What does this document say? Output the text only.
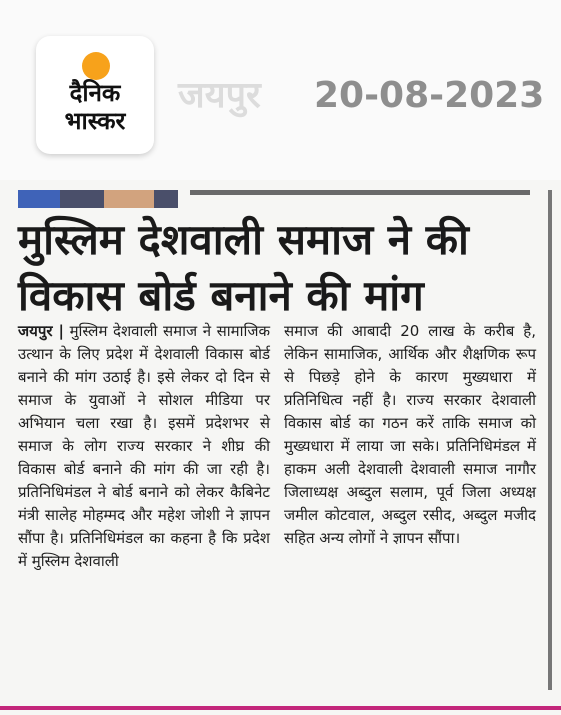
दैनिक
भास्कर
जयपुर 20-08-2023
मुस्लिम देशवाली समाज ने की
विकास बोर्ड बनाने की मांग
जयपुर | मुस्लिम देशवाली समाज ने सामाजिक उत्थान के लिए प्रदेश में देशवाली विकास बोर्ड बनाने की मांग उठाई है। इसे लेकर दो दिन से समाज के युवाओं ने सोशल मीडिया पर अभियान चला रखा है। इसमें प्रदेशभर से समाज के लोग राज्य सरकार ने शीघ्र की विकास बोर्ड बनाने की मांग की जा रही है। प्रतिनिधिमंडल ने बोर्ड बनाने को लेकर कैबिनेट मंत्री सालेह मोहम्मद और महेश जोशी ने ज्ञापन सौंपा है। प्रतिनिधिमंडल का कहना है कि प्रदेश में मुस्लिम देशवाली
समाज की आबादी 20 लाख के करीब है, लेकिन सामाजिक, आर्थिक और शैक्षणिक रूप से पिछड़े होने के कारण मुख्यधारा में प्रतिनिधित्व नहीं है। राज्य सरकार देशवाली विकास बोर्ड का गठन करें ताकि समाज को मुख्यधारा में लाया जा सके। प्रतिनिधिमंडल में हाकम अली देशवाली देशवाली समाज नागौर जिलाध्यक्ष अब्दुल सलाम, पूर्व जिला अध्यक्ष जमील कोटवाल, अब्दुल रसीद, अब्दुल मजीद सहित अन्य लोगों ने ज्ञापन सौंपा।
